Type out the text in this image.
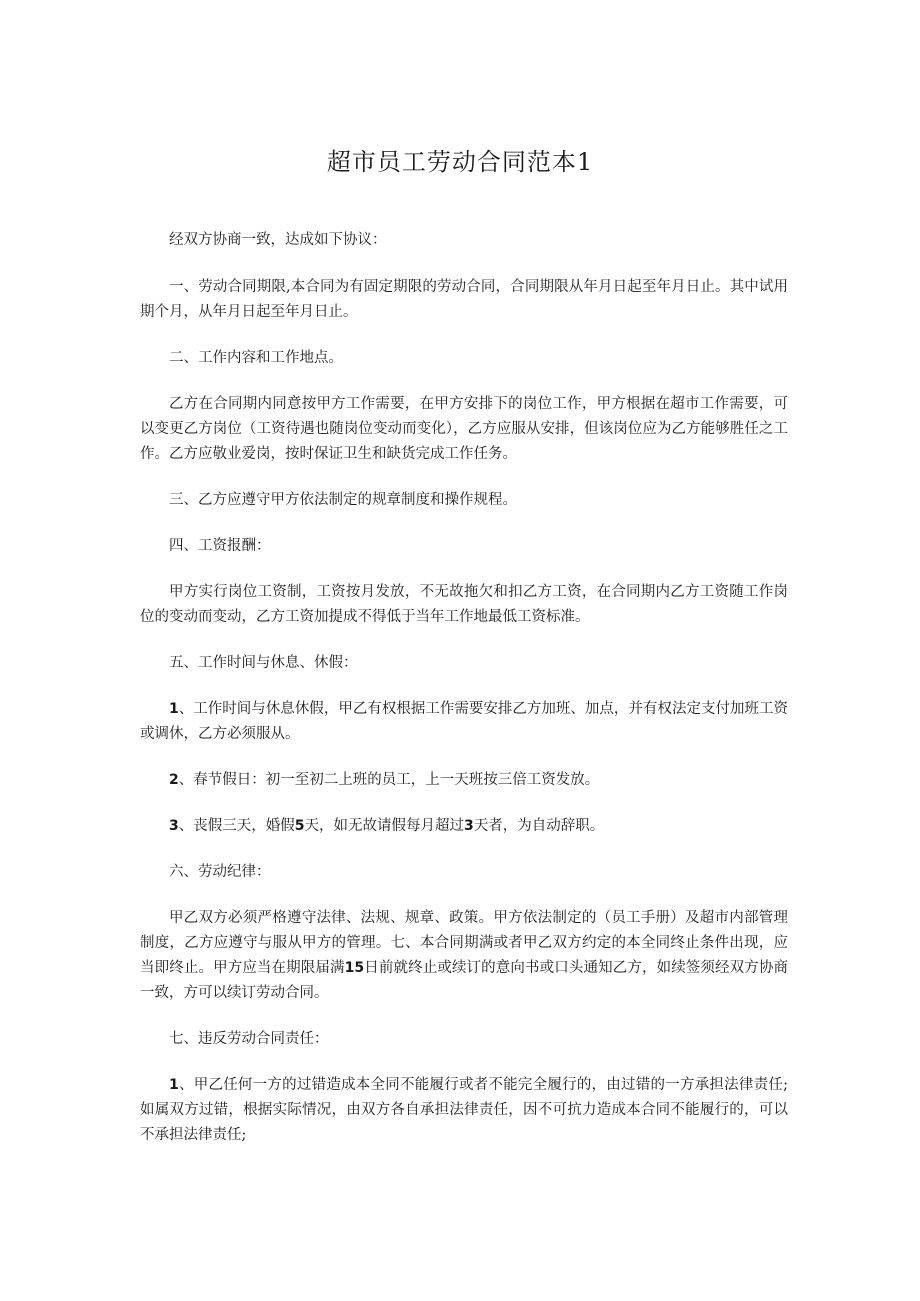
超市员工劳动合同范本1

经双方协商一致，达成如下协议：

一、劳动合同期限,本合同为有固定期限的劳动合同，合同期限从年月日起至年月日止。其中试用期个月，从年月日起至年月日止。

二、工作内容和工作地点。

乙方在合同期内同意按甲方工作需要，在甲方安排下的岗位工作，甲方根据在超市工作需要，可以变更乙方岗位（工资待遇也随岗位变动而变化），乙方应服从安排，但该岗位应为乙方能够胜任之工作。乙方应敬业爱岗，按时保证卫生和缺货完成工作任务。

三、乙方应遵守甲方依法制定的规章制度和操作规程。

四、工资报酬：

甲方实行岗位工资制，工资按月发放，不无故拖欠和扣乙方工资，在合同期内乙方工资随工作岗位的变动而变动，乙方工资加提成不得低于当年工作地最低工资标准。

五、工作时间与休息、休假：

1、工作时间与休息休假，甲乙有权根据工作需要安排乙方加班、加点，并有权法定支付加班工资或调休，乙方必须服从。

2、春节假日：初一至初二上班的员工，上一天班按三倍工资发放。

3、丧假三天，婚假5天，如无故请假每月超过3天者，为自动辞职。

六、劳动纪律：

甲乙双方必须严格遵守法律、法规、规章、政策。甲方依法制定的（员工手册）及超市内部管理制度，乙方应遵守与服从甲方的管理。七、本合同期满或者甲乙双方约定的本全同终止条件出现，应当即终止。甲方应当在期限届满15日前就终止或续订的意向书或口头通知乙方，如续签须经双方协商一致，方可以续订劳动合同。

七、违反劳动合同责任：

1、甲乙任何一方的过错造成本全同不能履行或者不能完全履行的，由过错的一方承担法律责任;如属双方过错，根据实际情况，由双方各自承担法律责任，因不可抗力造成本合同不能履行的，可以不承担法律责任;
